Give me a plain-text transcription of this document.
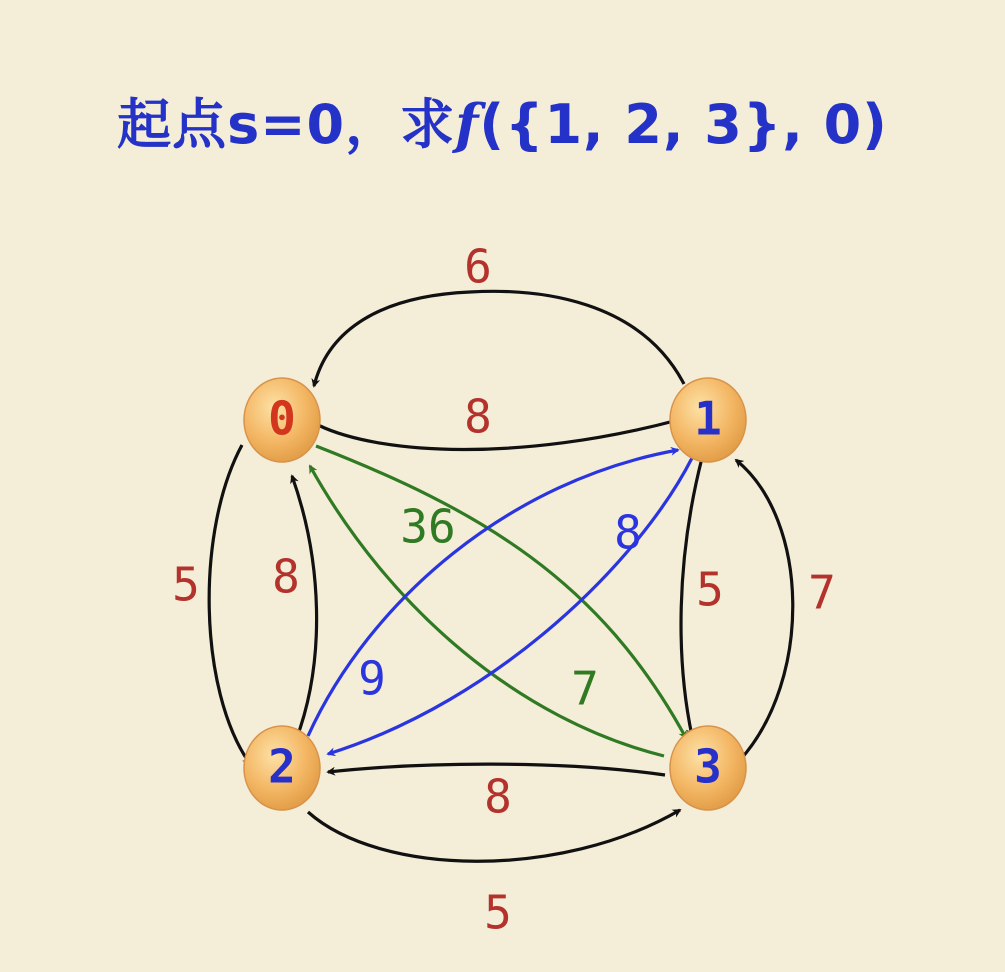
起点s=0，求f({1, 2, 3}, 0)
0	1
2	3
6
8
5 8	5 7
8
5
36
7
9
8
